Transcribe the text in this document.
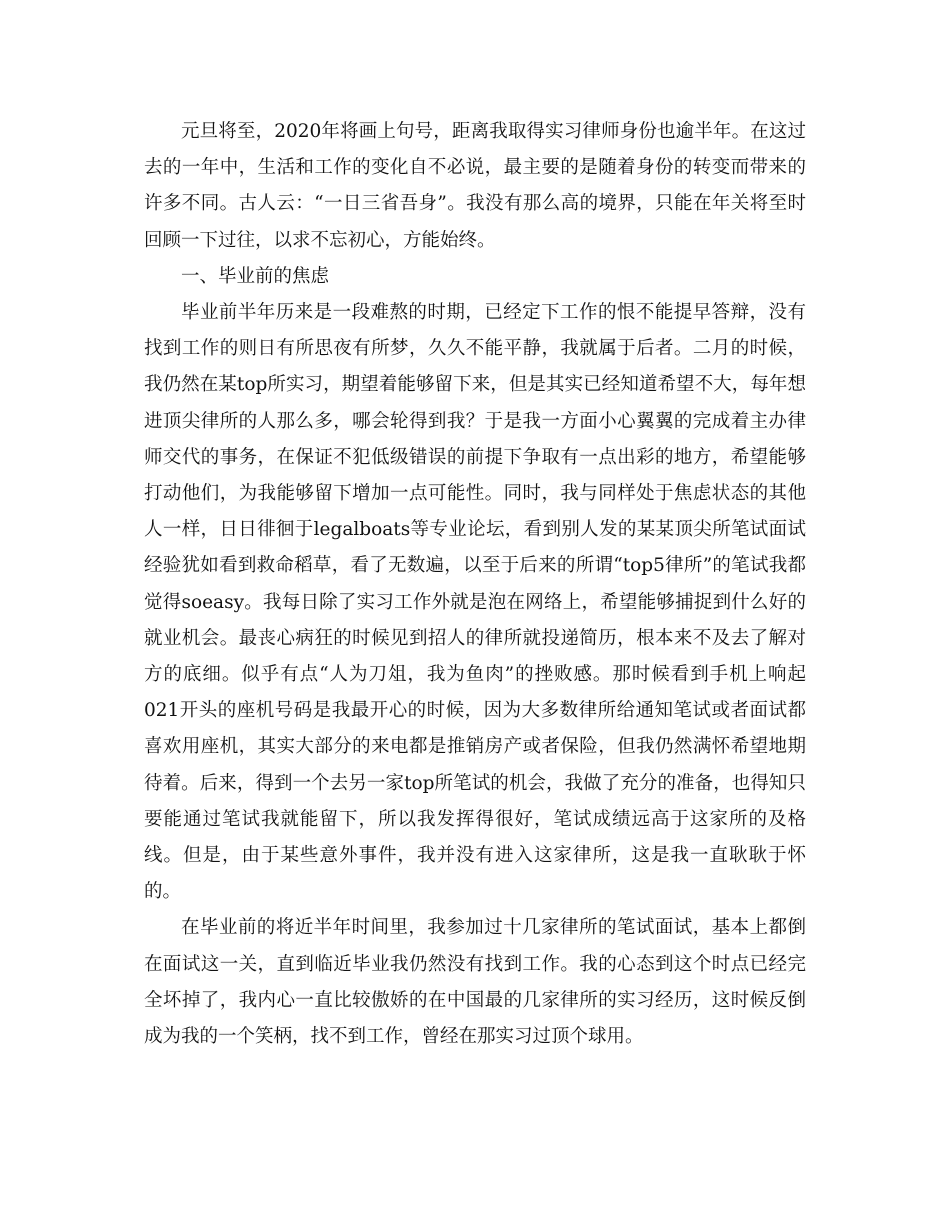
元旦将至，2020年将画上句号，距离我取得实习律师身份也逾半年。在这过去的一年中，生活和工作的变化自不必说，最主要的是随着身份的转变而带来的许多不同。古人云：“一日三省吾身”。我没有那么高的境界，只能在年关将至时回顾一下过往，以求不忘初心，方能始终。

一、毕业前的焦虑

毕业前半年历来是一段难熬的时期，已经定下工作的恨不能提早答辩，没有找到工作的则日有所思夜有所梦，久久不能平静，我就属于后者。二月的时候，我仍然在某top所实习，期望着能够留下来，但是其实已经知道希望不大，每年想进顶尖律所的人那么多，哪会轮得到我？于是我一方面小心翼翼的完成着主办律师交代的事务，在保证不犯低级错误的前提下争取有一点出彩的地方，希望能够打动他们，为我能够留下增加一点可能性。同时，我与同样处于焦虑状态的其他人一样，日日徘徊于legalboats等专业论坛，看到别人发的某某顶尖所笔试面试经验犹如看到救命稻草，看了无数遍，以至于后来的所谓“top5律所”的笔试我都觉得soeasy。我每日除了实习工作外就是泡在网络上，希望能够捕捉到什么好的就业机会。最丧心病狂的时候见到招人的律所就投递简历，根本来不及去了解对方的底细。似乎有点“人为刀俎，我为鱼肉”的挫败感。那时候看到手机上响起021开头的座机号码是我最开心的时候，因为大多数律所给通知笔试或者面试都喜欢用座机，其实大部分的来电都是推销房产或者保险，但我仍然满怀希望地期待着。后来，得到一个去另一家top所笔试的机会，我做了充分的准备，也得知只要能通过笔试我就能留下，所以我发挥得很好，笔试成绩远高于这家所的及格线。但是，由于某些意外事件，我并没有进入这家律所，这是我一直耿耿于怀的。

在毕业前的将近半年时间里，我参加过十几家律所的笔试面试，基本上都倒在面试这一关，直到临近毕业我仍然没有找到工作。我的心态到这个时点已经完全坏掉了，我内心一直比较傲娇的在中国最的几家律所的实习经历，这时候反倒成为我的一个笑柄，找不到工作，曾经在那实习过顶个球用。
